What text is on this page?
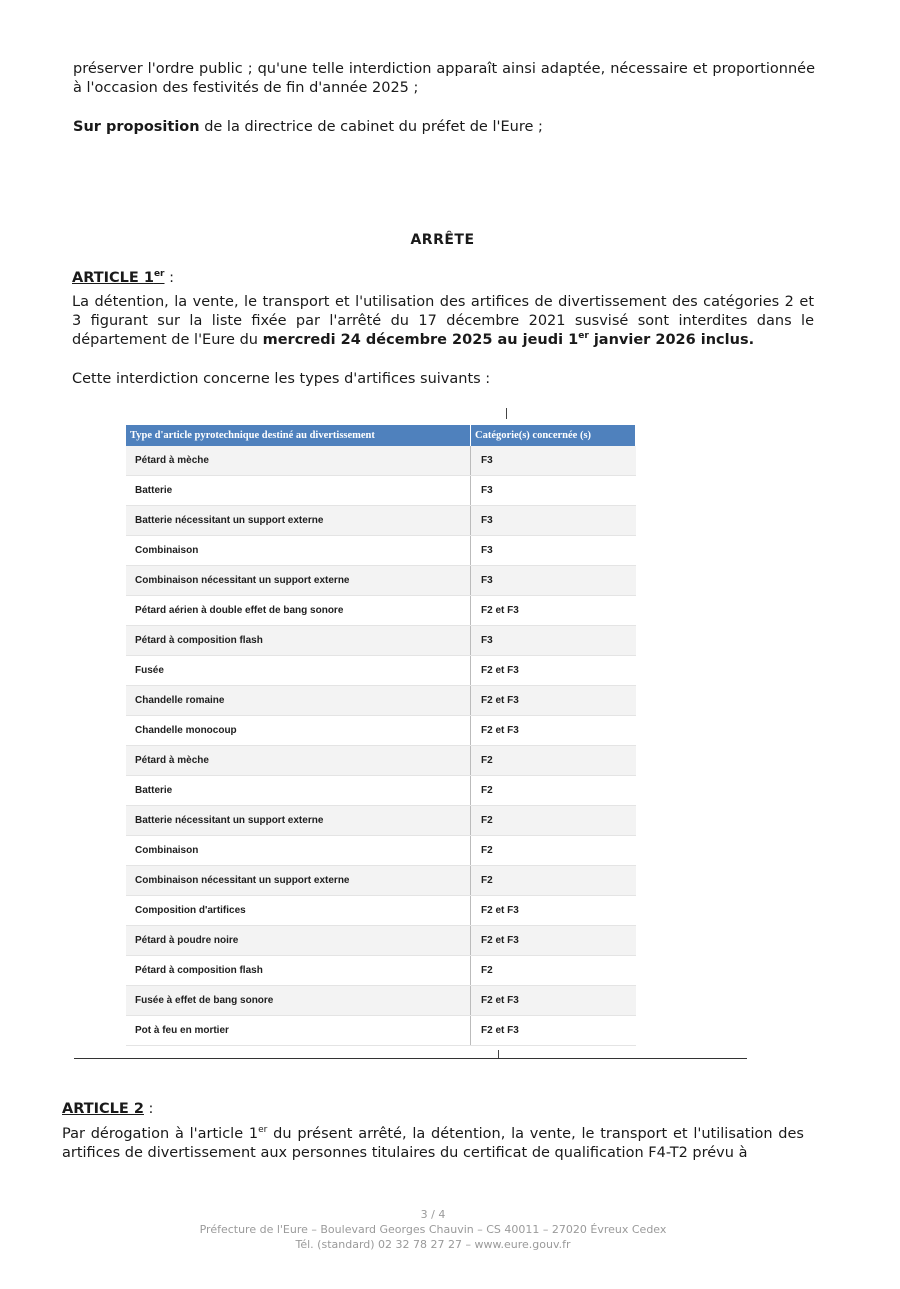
préserver l'ordre public ; qu'une telle interdiction apparaît ainsi adaptée, nécessaire et proportionnée à l'occasion des festivités de fin d'année 2025 ;

Sur proposition de la directrice de cabinet du préfet de l'Eure ;

ARRÊTE
ARTICLE 1er :

La détention, la vente, le transport et l'utilisation des artifices de divertissement des catégories 2 et 3 figurant sur la liste fixée par l'arrêté du 17 décembre 2021 susvisé sont interdites dans le département de l'Eure du mercredi 24 décembre 2025 au jeudi 1er janvier 2026 inclus.

Cette interdiction concerne les types d'artifices suivants :

Type d'article pyrotechnique destiné au divertissement	Catégorie(s) concernée (s)
Pétard à mèche	F3
Batterie	F3
Batterie nécessitant un support externe	F3
Combinaison	F3
Combinaison nécessitant un support externe	F3
Pétard aérien à double effet de bang sonore	F2 et F3
Pétard à composition flash	F3
Fusée	F2 et F3
Chandelle romaine	F2 et F3
Chandelle monocoup	F2 et F3
Pétard à mèche	F2
Batterie	F2
Batterie nécessitant un support externe	F2
Combinaison	F2
Combinaison nécessitant un support externe	F2
Composition d'artifices	F2 et F3
Pétard à poudre noire	F2 et F3
Pétard à composition flash	F2
Fusée à effet de bang sonore	F2 et F3
Pot à feu en mortier	F2 et F3
ARTICLE 2 :

Par dérogation à l'article 1er du présent arrêté, la détention, la vente, le transport et l'utilisation des artifices de divertissement aux personnes titulaires du certificat de qualification F4-T2 prévu à

3 / 4
Préfecture de l'Eure – Boulevard Georges Chauvin – CS 40011 – 27020 Évreux Cedex
Tél. (standard) 02 32 78 27 27 – www.eure.gouv.fr
